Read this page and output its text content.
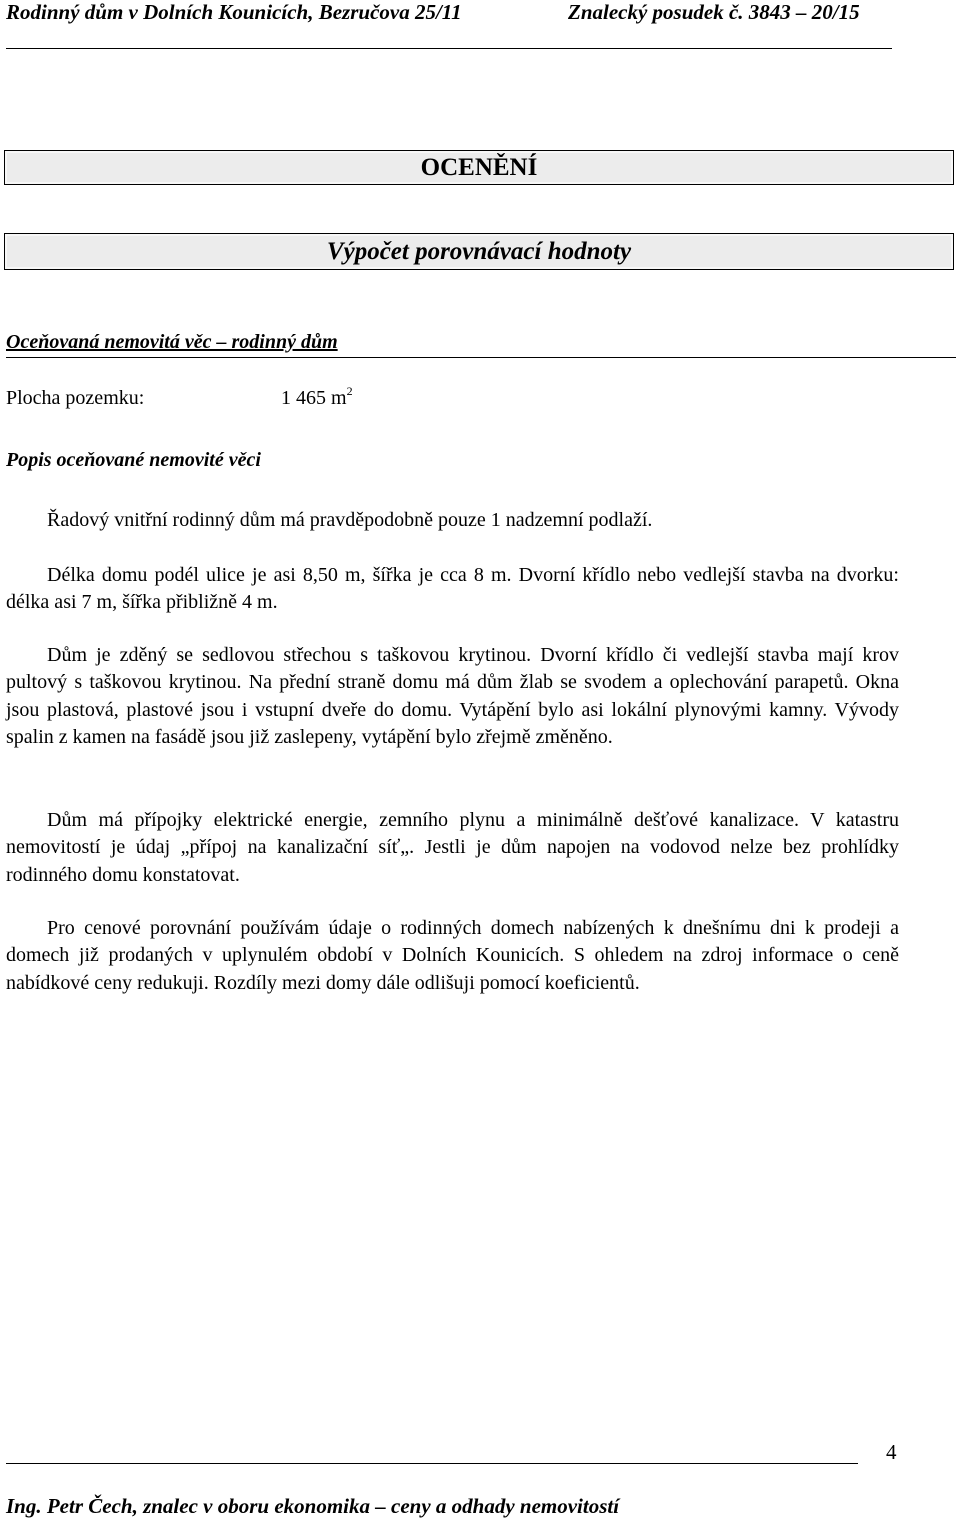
Rodinný dům v Dolních Kounicích, Bezručova 25/11	Znalecký posudek č. 3843 – 20/15
OCENĚNÍ
Výpočet porovnávací hodnoty
Oceňovaná nemovitá věc – rodinný dům
Plocha pozemku:	1 465 $m^2$
Popis oceňované nemovité věci

Řadový vnitřní rodinný dům má pravděpodobně pouze 1 nadzemní podlaží.

Délka domu podél ulice je asi 8,50 m, šířka je cca 8 m. Dvorní křídlo nebo vedlejší stavba na dvorku: délka asi 7 m, šířka přibližně 4 m.

Dům je zděný se sedlovou střechou s taškovou krytinou. Dvorní křídlo či vedlejší stavba mají krov pultový s taškovou krytinou. Na přední straně domu má dům žlab se svodem a oplechování parapetů. Okna jsou plastová, plastové jsou i vstupní dveře do domu. Vytápění bylo asi lokální plynovými kamny. Vývody spalin z kamen na fasádě jsou již zaslepeny, vytápění bylo zřejmě změněno.

Dům má přípojky elektrické energie, zemního plynu a minimálně dešťové kanalizace. V katastru nemovitostí je údaj „přípoj na kanalizační síť„. Jestli je dům napojen na vodovod nelze bez prohlídky rodinného domu konstatovat.

Pro cenové porovnání používám údaje o rodinných domech nabízených k dnešnímu dni k prodeji a domech již prodaných v uplynulém období v Dolních Kounicích. S ohledem na zdroj informace o ceně nabídkové ceny redukuji. Rozdíly mezi domy dále odlišuji pomocí koeficientů.

4
Ing. Petr Čech, znalec v oboru ekonomika – ceny a odhady nemovitostí
